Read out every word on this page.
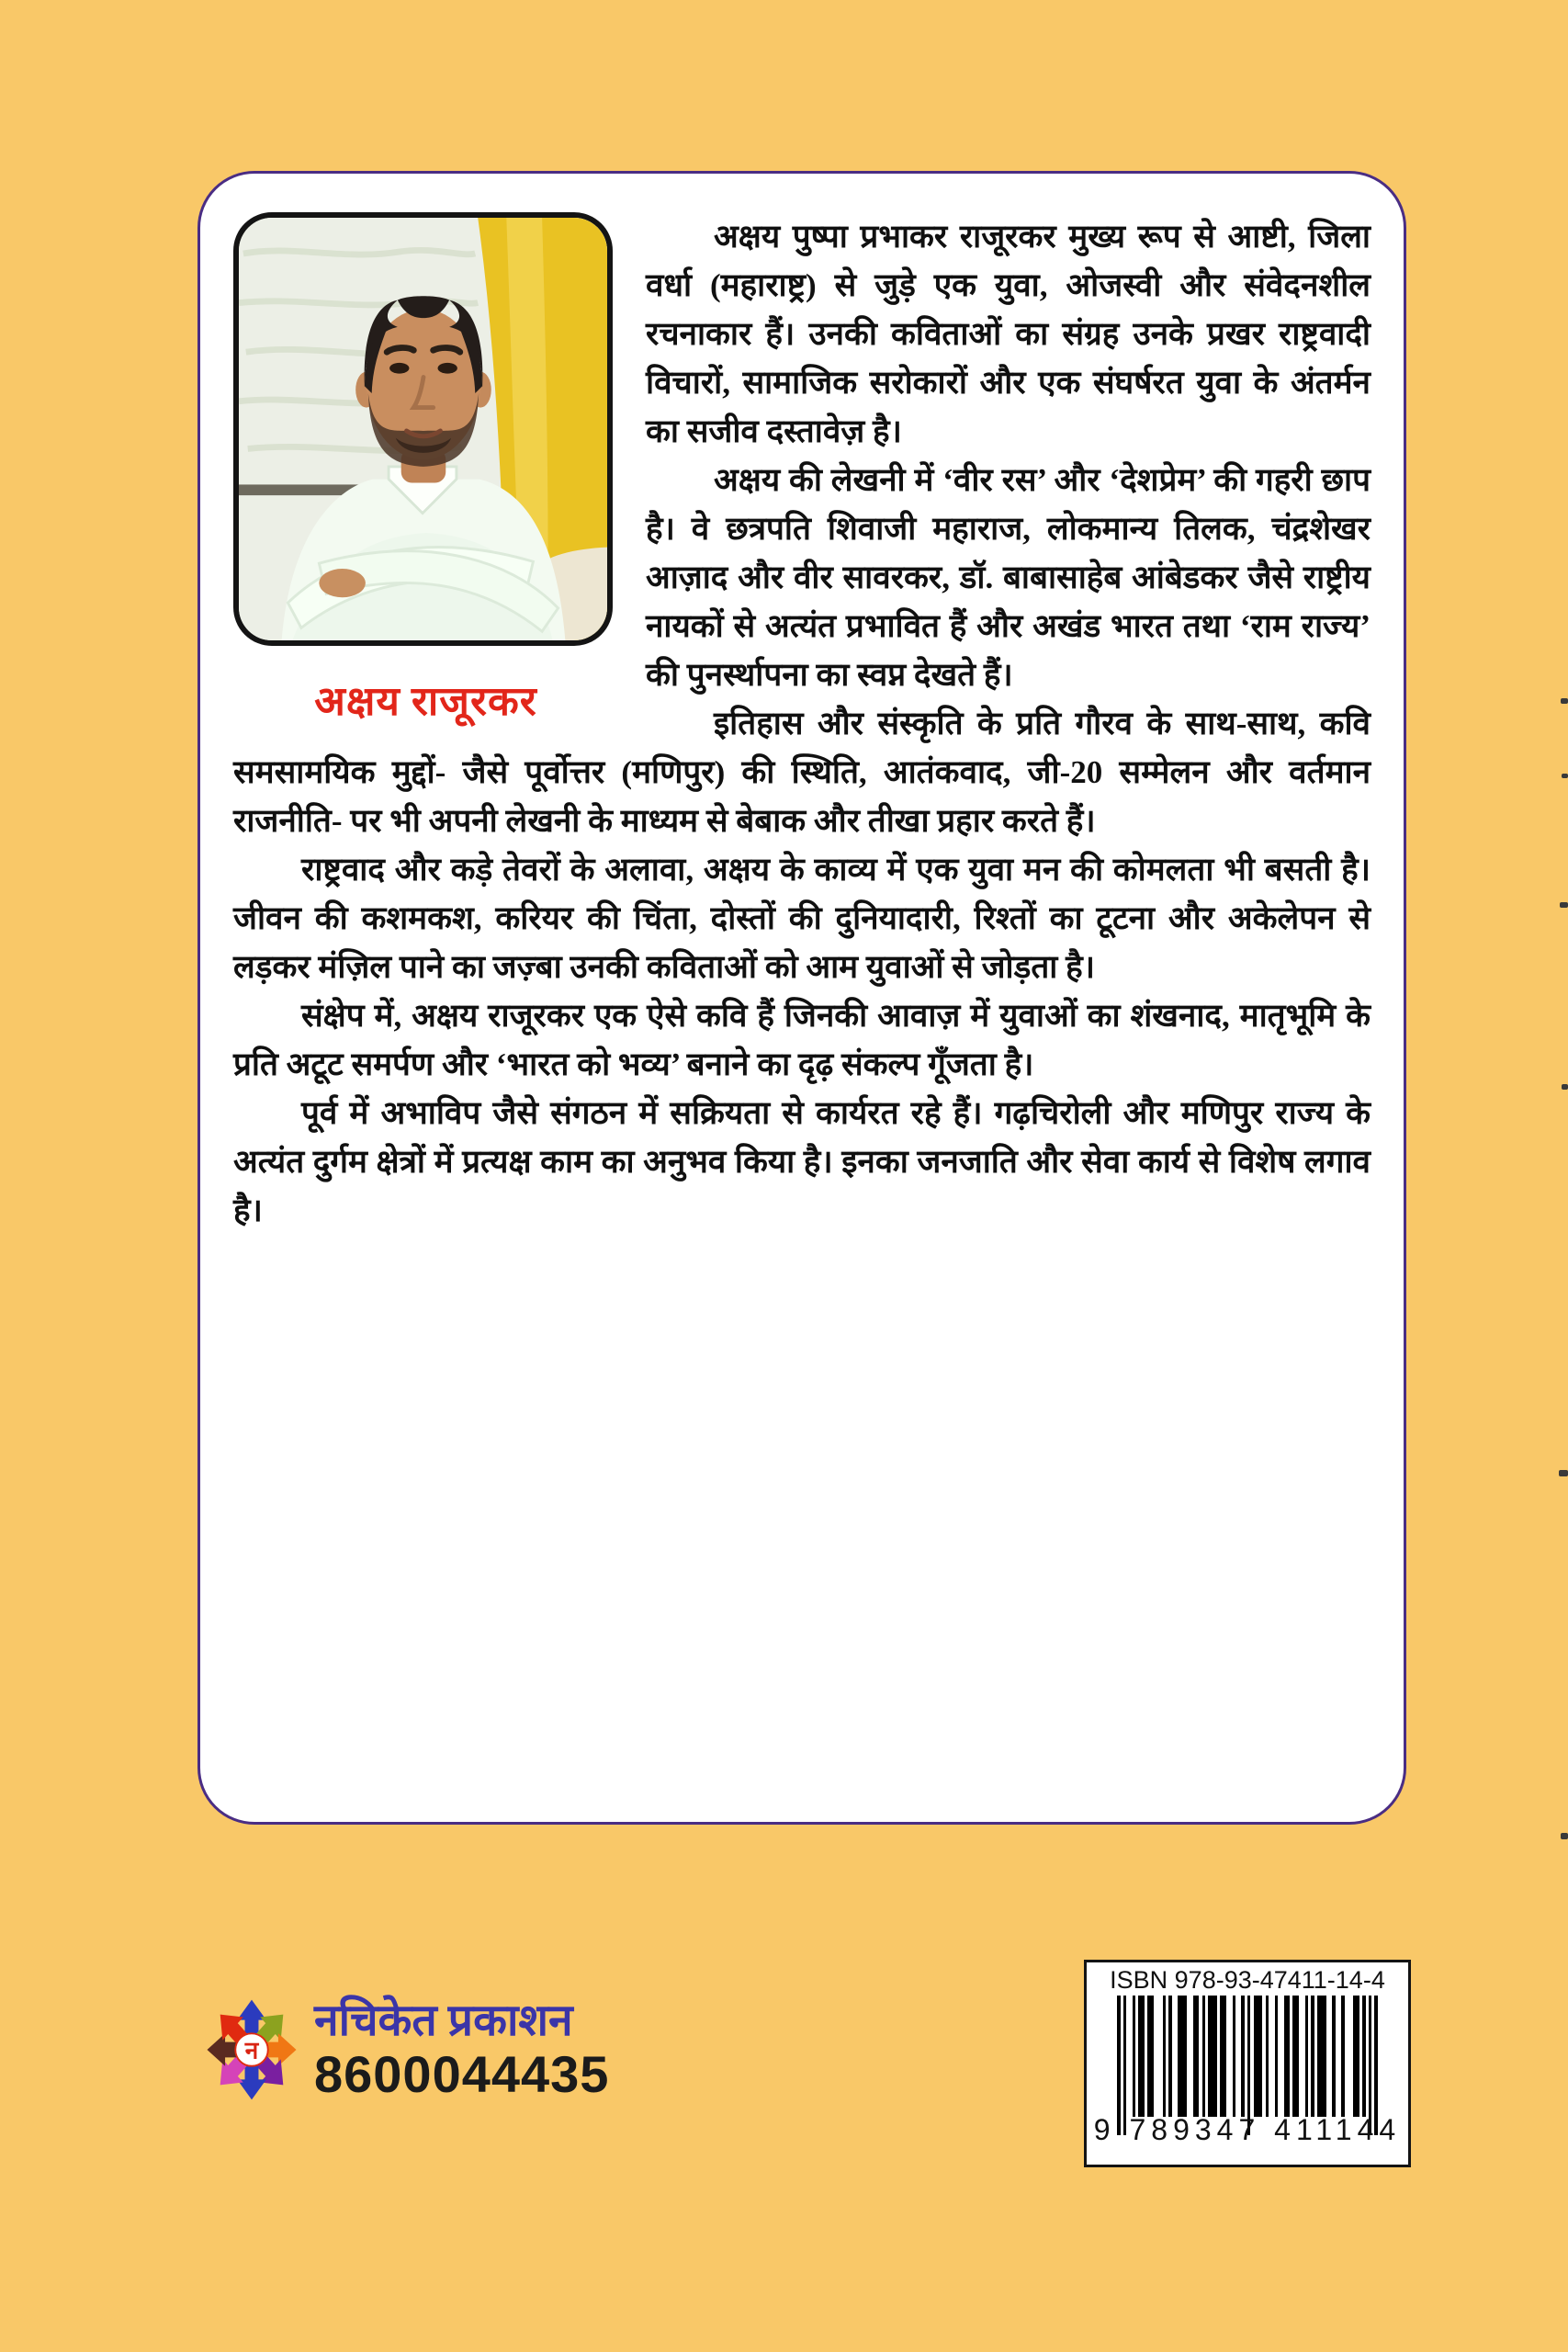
अक्षय राजूरकर

अक्षय पुष्पा प्रभाकर राजूरकर मुख्य रूप से आष्टी, जिला वर्धा (महाराष्ट्र) से जुड़े एक युवा, ओजस्वी और संवेदनशील रचनाकार हैं। उनकी कविताओं का संग्रह उनके प्रखर राष्ट्रवादी विचारों, सामाजिक सरोकारों और एक संघर्षरत युवा के अंतर्मन का सजीव दस्तावेज़ है।

अक्षय की लेखनी में ‘वीर रस’ और ‘देशप्रेम’ की गहरी छाप है। वे छत्रपति शिवाजी महाराज, लोकमान्य तिलक, चंद्रशेखर आज़ाद और वीर सावरकर, डॉ. बाबासाहेब आंबेडकर जैसे राष्ट्रीय नायकों से अत्यंत प्रभावित हैं और अखंड भारत तथा ‘राम राज्य’ की पुनर्स्थापना का स्वप्न देखते हैं।

इतिहास और संस्कृति के प्रति गौरव के साथ-साथ, कवि समसामयिक मुद्दों- जैसे पूर्वोत्तर (मणिपुर) की स्थिति, आतंकवाद, जी-20 सम्मेलन और वर्तमान राजनीति- पर भी अपनी लेखनी के माध्यम से बेबाक और तीखा प्रहार करते हैं।

राष्ट्रवाद और कड़े तेवरों के अलावा, अक्षय के काव्य में एक युवा मन की कोमलता भी बसती है। जीवन की कशमकश, करियर की चिंता, दोस्तों की दुनियादारी, रिश्तों का टूटना और अकेलेपन से लड़कर मंज़िल पाने का जज़्बा उनकी कविताओं को आम युवाओं से जोड़ता है।

संक्षेप में, अक्षय राजूरकर एक ऐसे कवि हैं जिनकी आवाज़ में युवाओं का शंखनाद, मातृभूमि के प्रति अटूट समर्पण और ‘भारत को भव्य’ बनाने का दृढ़ संकल्प गूँजता है।

पूर्व में अभाविप जैसे संगठन में सक्रियता से कार्यरत रहे हैं। गढ़चिरोली और मणिपुर राज्य के अत्यंत दुर्गम क्षेत्रों में प्रत्यक्ष काम का अनुभव किया है। इनका जनजाति और सेवा कार्य से विशेष लगाव है।

न
नचिकेत प्रकाशन
8600044435
ISBN 978-93-47411-14-4
9 789347 411144
